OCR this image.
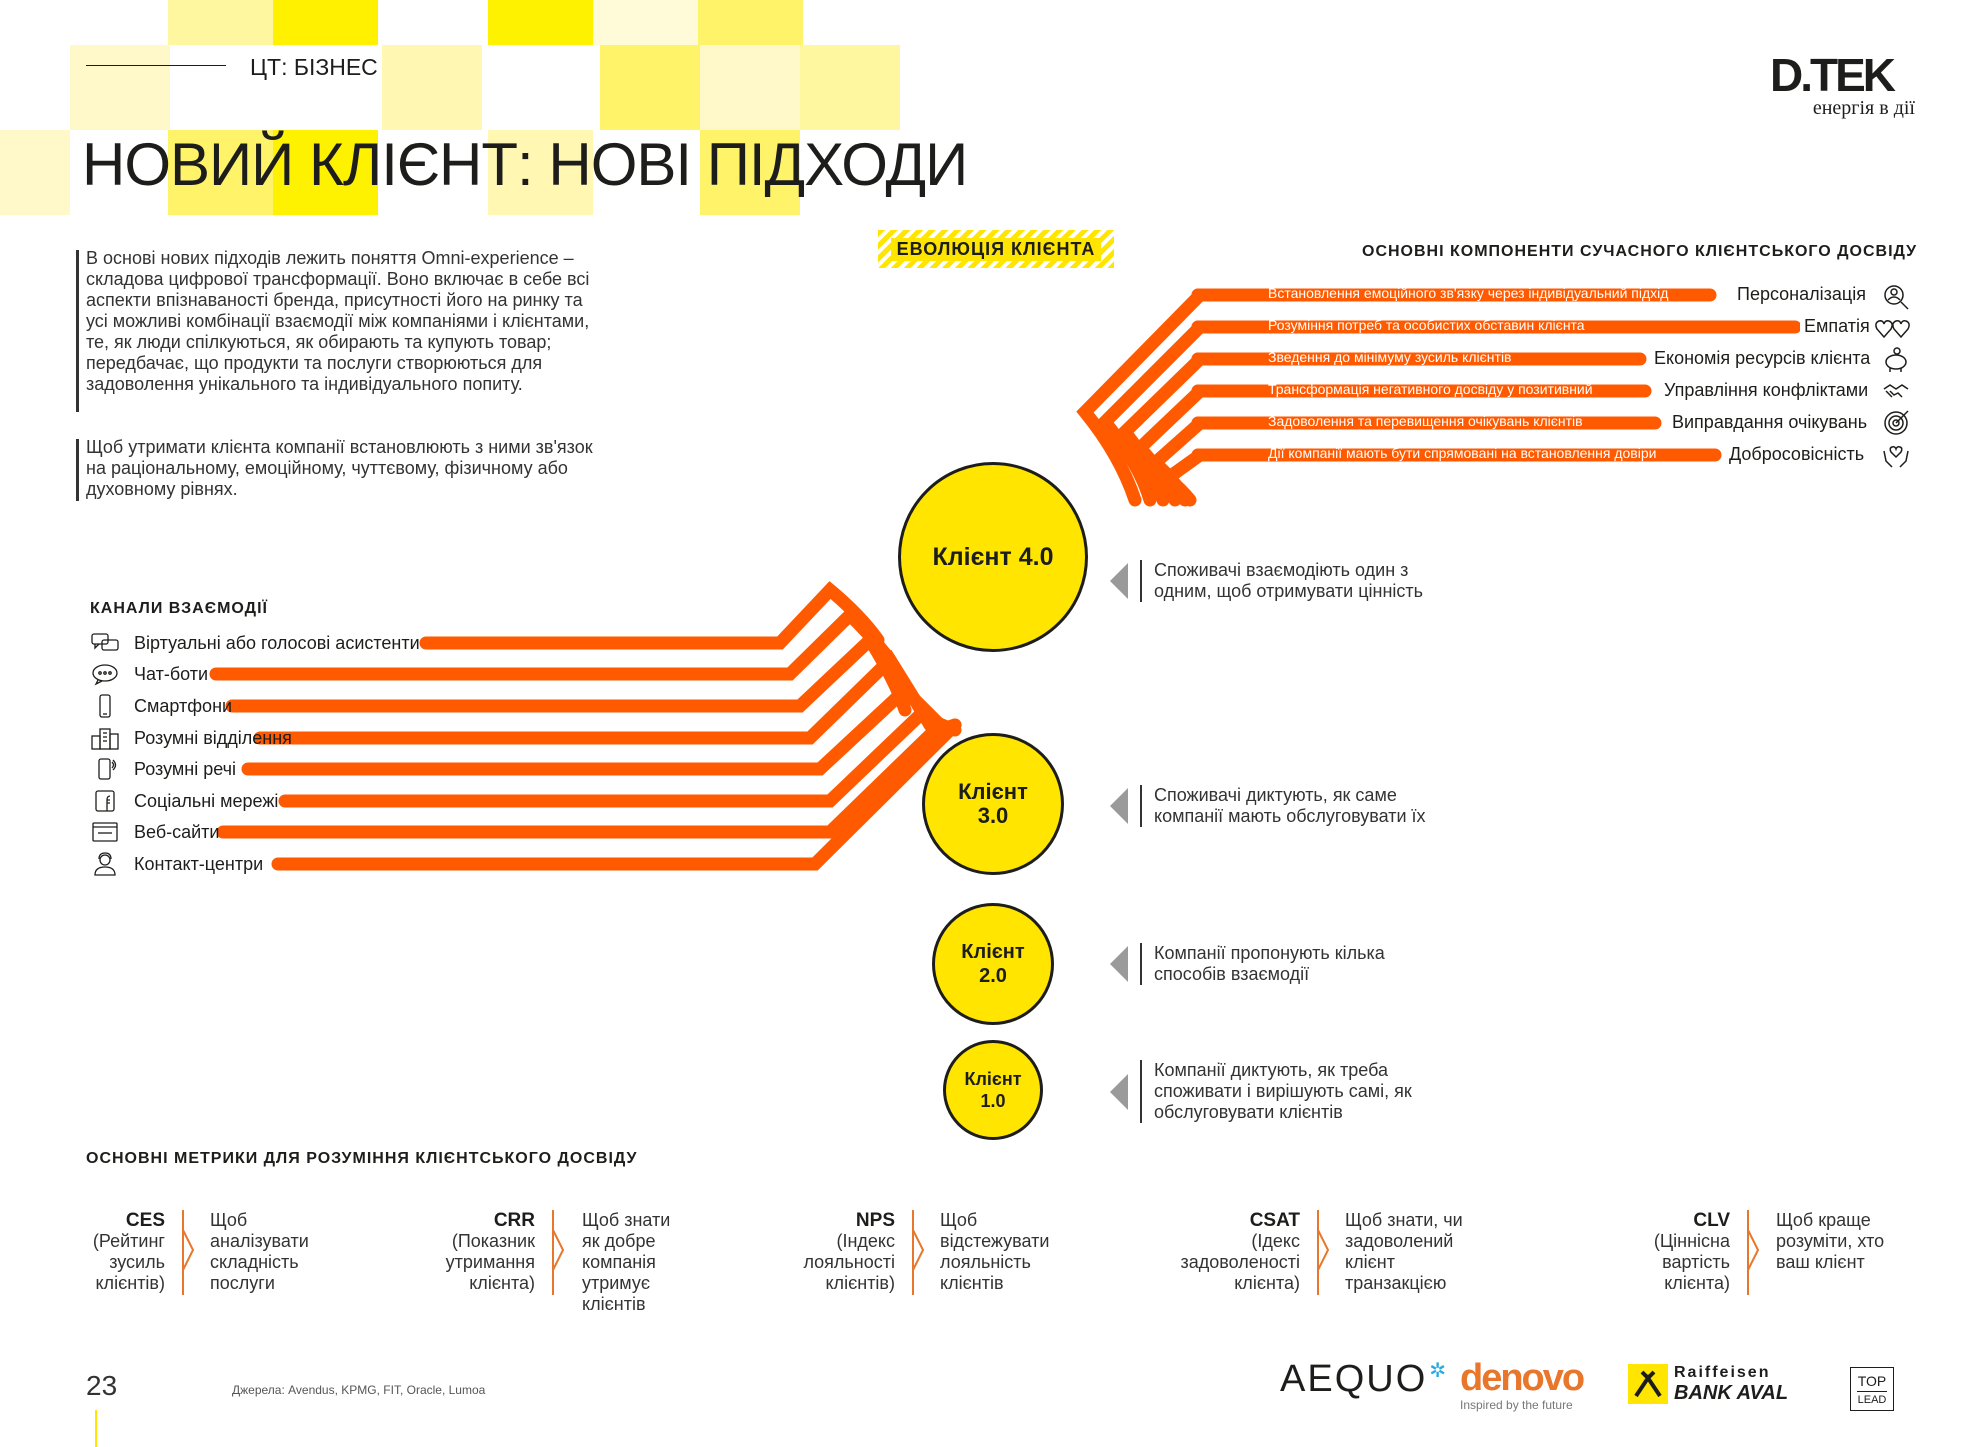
ЦТ: БІЗНЕС
НОВИЙ КЛІЄНТ: НОВІ ПІДХОДИ
D.TEK
енергія в дії
В основі нових підходів лежить поняття Omni-experience – складова цифрової трансформації. Воно включає в себе всі аспекти впізнаваності бренда, присутності його на ринку та усі можливі комбінації взаємодії між компаніями і клієнтами, те, як люди спілкуються, як обирають та купують товар; передбачає, що продукти та послуги створюються для задоволення унікального та індивідуального попиту.
Щоб утримати клієнта компанії встановлюють з ними зв'язок на раціональному, емоційному, чуттєвому, фізичному або духовному рівнях.
ЕВОЛЮЦІЯ КЛІЄНТА	ОСНОВНІ КОМПОНЕНТИ СУЧАСНОГО КЛІЄНТСЬКОГО ДОСВІДУ
Встановлення емоційного зв'язку через індивідуальний підхід	Персоналізація
Розуміння потреб та особистих обставин клієнта	Емпатія
Зведення до мінімуму зусиль клієнтів	Економія ресурсів клієнта
Трансформація негативного досвіду у позитивний	Управління конфліктами
Задоволення та перевищення очікувань клієнтів	Виправдання очікувань
Дії компанії мають бути спрямовані на встановлення довіри	Добросовісність
КАНАЛИ ВЗАЄМОДІЇ
Віртуальні або голосові асистенти
Чат-боти
Смартфони
Розумні відділення
Розумні речі
Соціальні мережі
Веб-сайти
Контакт-центри
Клієнт 4.0
Клієнт 3.0
Клієнт 2.0
Клієнт 1.0
Споживачі взаємодіють один з одним, щоб отримувати цінність
Споживачі диктують, як саме компанії мають обслуговувати їх
Компанії пропонують кілька способів взаємодії
Компанії диктують, як треба споживати і вирішують самі, як обслуговувати клієнтів
ОСНОВНІ МЕТРИКИ ДЛЯ РОЗУМІННЯ КЛІЄНТСЬКОГО ДОСВІДУ
CES
(Рейтинг зусиль клієнтів)
Щоб аналізувати складність послуги
CRR
(Показник утримання клієнта)
Щоб знати як добре компанія утримує клієнтів
NPS
(Індекс лояльності клієнтів)
Щоб відстежувати лояльність клієнтів
CSAT
(Ідекс задоволеності клієнта)
Щоб знати, чи задоволений клієнт транзакцією
CLV
(Ціннісна вартість клієнта)
Щоб краще розуміти, хто ваш клієнт
23	Джерела: Avendus, KPMG, FIT, Oracle, Lumoa	AEQUO ✲ denovo
Inspired by the future
Raiffeisen
BANK AVAL
TOP
LEAD
